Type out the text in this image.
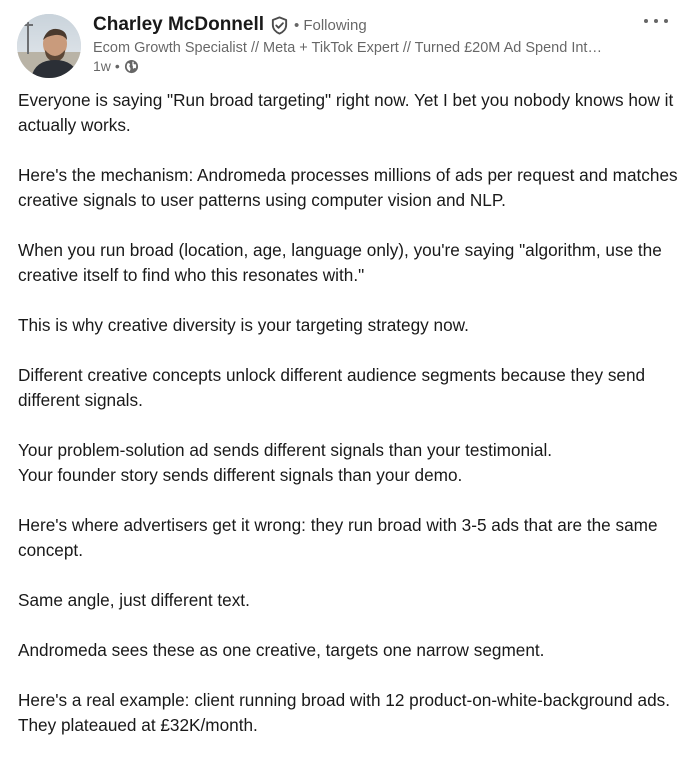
Charley McDonnell • Following
Ecom Growth Specialist // Meta + TikTok Expert // Turned £20M Ad Spend Int…
1w •

Everyone is saying "Run broad targeting" right now. Yet I bet you nobody knows how it actually works.

Here's the mechanism: Andromeda processes millions of ads per request and matches creative signals to user patterns using computer vision and NLP.

When you run broad (location, age, language only), you're saying "algorithm, use the creative itself to find who this resonates with."

This is why creative diversity is your targeting strategy now.

Different creative concepts unlock different audience segments because they send different signals.

Your problem-solution ad sends different signals than your testimonial.

Your founder story sends different signals than your demo.

Here's where advertisers get it wrong: they run broad with 3-5 ads that are the same concept.

Same angle, just different text.

Andromeda sees these as one creative, targets one narrow segment.

Here's a real example: client running broad with 12 product-on-white-background ads. They plateaued at £32K/month.
